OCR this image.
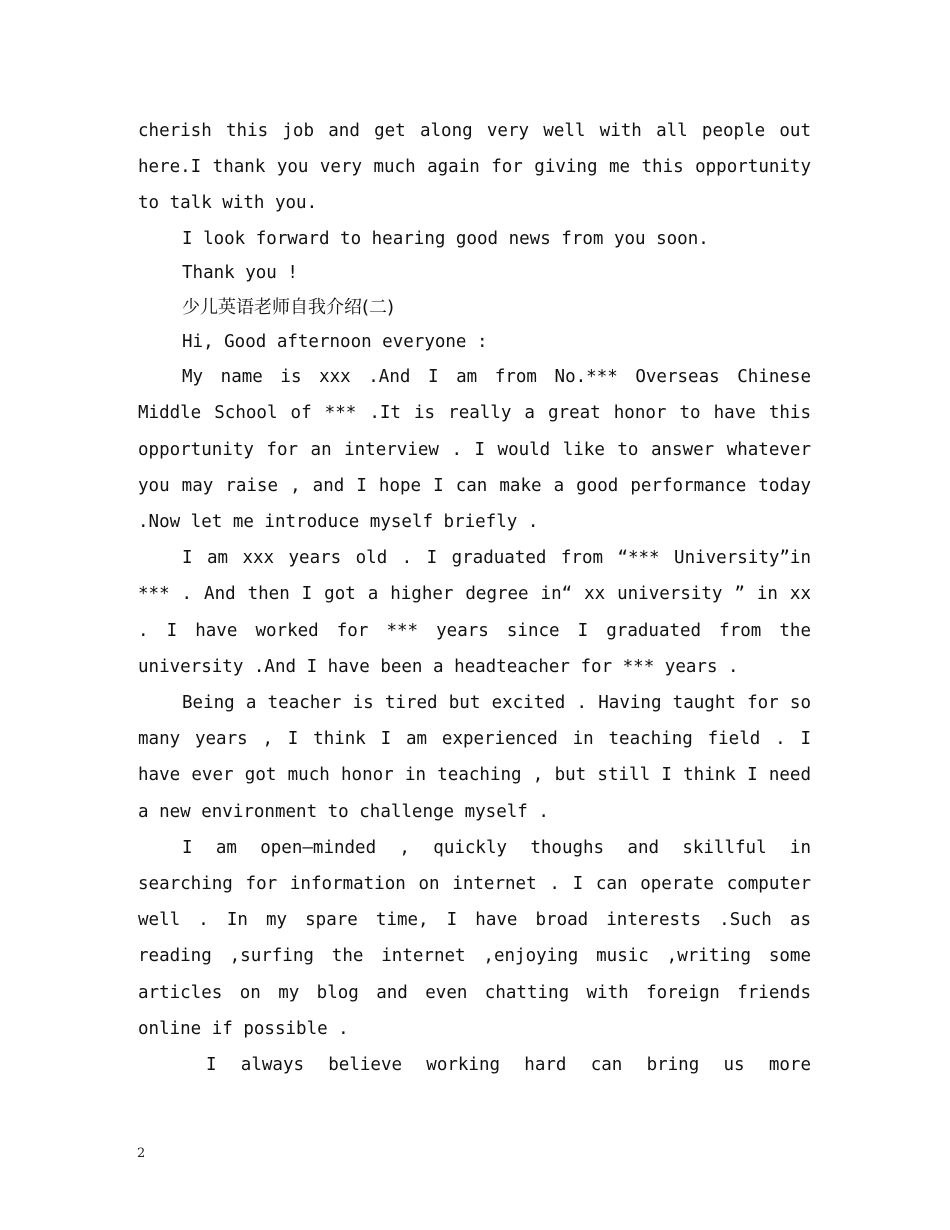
cherish this job and get along very well with all people out here.I thank you very much again for giving me this opportunity to talk with you.

I look forward to hearing good news from you soon.

Thank you !

少儿英语老师自我介绍(二)

Hi, Good afternoon everyone :

My name is xxx .And I am from No.*** Overseas Chinese Middle School of *** .It is really a great honor to have this opportunity for an interview . I would like to answer whatever you may raise , and I hope I can make a good performance today .Now let me introduce myself briefly .

I am xxx years old . I graduated from “*** University”in *** . And then I got a higher degree in“ xx university ” in xx . I have worked for *** years since I graduated from the university .And I have been a headteacher for *** years .

Being a teacher is tired but excited . Having taught for so many years , I think I am experienced in teaching field . I have ever got much honor in teaching , but still I think I need a new environment to challenge myself .

I am open—minded , quickly thoughs and skillful in searching for information on internet . I can operate computer well . In my spare time, I have broad interests .Such as reading ,surfing the internet ,enjoying music ,writing some articles on my blog and even chatting with foreign friends online if possible .

I always believe working hard can bring us more

2
